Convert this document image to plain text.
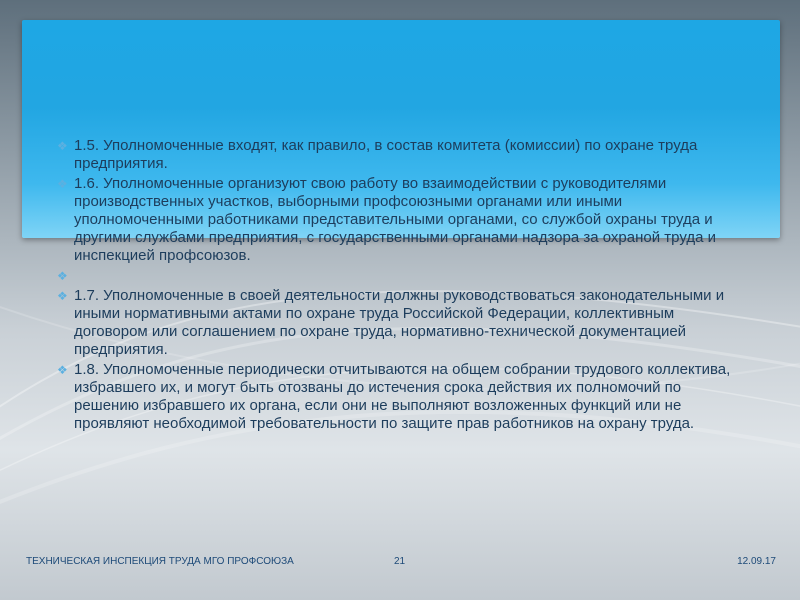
❖ 1.5. Уполномоченные входят, как правило, в состав комитета (комиссии) по охране труда предприятия.
❖ 1.6. Уполномоченные организуют свою работу во взаимодействии с руководителями производственных участков, выборными профсоюзными органами или иными уполномоченными работниками представительными органами, со службой охраны труда и другими службами предприятия, с государственными органами надзора за охраной труда и инспекцией профсоюзов.
❖
❖ 1.7. Уполномоченные в своей деятельности должны руководствоваться законодательными и иными нормативными актами по охране труда Российской Федерации, коллективным договором или соглашением по охране труда, нормативно-технической документацией предприятия.
❖ 1.8. Уполномоченные периодически отчитываются на общем собрании трудового коллектива, избравшего их, и могут быть отозваны до истечения срока действия их полномочий по решению избравшего их органа, если они не выполняют возложенных функций или не проявляют необходимой требовательности по защите прав работников на охрану труда.
ТЕХНИЧЕСКАЯ ИНСПЕКЦИЯ ТРУДА МГО ПРОФСОЮЗА	21	12.09.17
